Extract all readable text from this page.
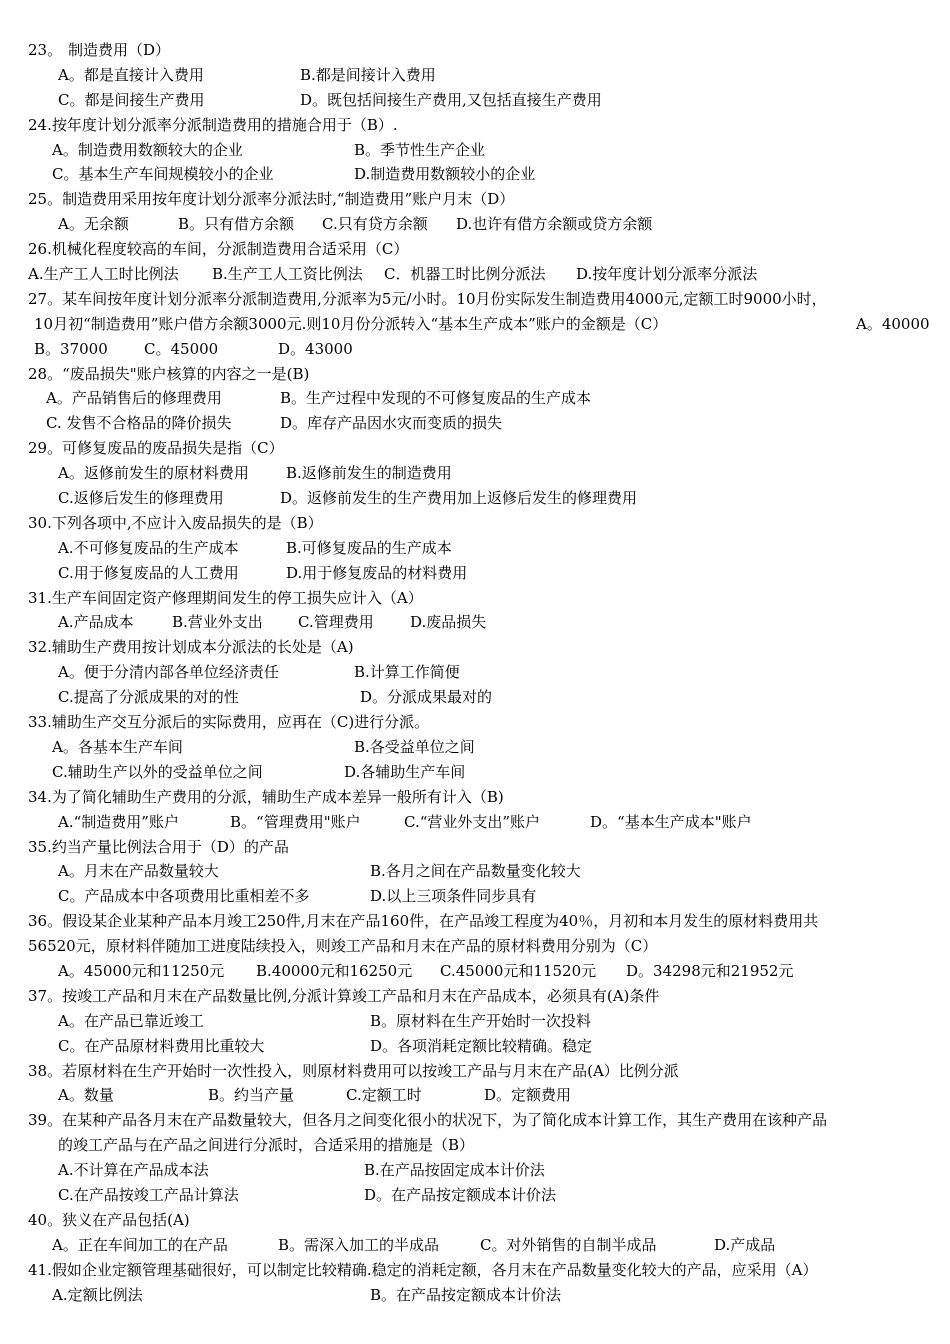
23。 制造费用（D）
A。都是直接计入费用	B.都是间接计入费用
C。都是间接生产费用	D。既包括间接生产费用,又包括直接生产费用
24.按年度计划分派率分派制造费用的措施合用于（B）.
A。制造费用数额较大的企业	B。季节性生产企业
C。基本生产车间规模较小的企业	D.制造费用数额较小的企业
25。制造费用采用按年度计划分派率分派法时,“制造费用”账户月末（D）
A。无余额	B。只有借方余额 C.只有贷方余额 D.也许有借方余额或贷方余额
26.机械化程度较高的车间，分派制造费用合适采用（C）
A.生产工人工时比例法 B.生产工人工资比例法 C．机器工时比例分派法 D.按年度计划分派率分派法
27。某车间按年度计划分派率分派制造费用,分派率为5元/小时。10月份实际发生制造费用4000元,定额工时9000小时，
10月初“制造费用”账户借方余额3000元.则10月份分派转入“基本生产成本”账户的金额是（C）	A。40000
B。37000 C。45000	D。43000
28。“废品损失"账户核算的内容之一是(B)
A。产品销售后的修理费用	B。生产过程中发现的不可修复废品的生产成本
C. 发售不合格品的降价损失	D。库存产品因水灾而变质的损失
29。可修复废品的废品损失是指（C）
A。返修前发生的原材料费用 B.返修前发生的制造费用
C.返修后发生的修理费用	D。返修前发生的生产费用加上返修后发生的修理费用
30.下列各项中,不应计入废品损失的是（B）
A.不可修复废品的生产成本	B.可修复废品的生产成本
C.用于修复废品的人工费用	D.用于修复废品的材料费用
31.生产车间固定资产修理期间发生的停工损失应计入（A）
A.产品成本	B.营业外支出 C.管理费用 D.废品损失
32.辅助生产费用按计划成本分派法的长处是（A)
A。便于分清内部各单位经济责任	B.计算工作简便
C.提高了分派成果的对的性	D。分派成果最对的
33.辅助生产交互分派后的实际费用，应再在（C)进行分派。
A。各基本生产车间	B.各受益单位之间
C.辅助生产以外的受益单位之间	D.各辅助生产车间
34.为了简化辅助生产费用的分派，辅助生产成本差异一般所有计入（B)
A.“制造费用”账户	B。“管理费用"账户	C.“营业外支出”账户	D。“基本生产成本"账户
35.约当产量比例法合用于（D）的产品
A。月末在产品数量较大	B.各月之间在产品数量变化较大
C。产品成本中各项费用比重相差不多	D.以上三项条件同步具有
36。假设某企业某种产品本月竣工250件,月末在产品160件，在产品竣工程度为40％，月初和本月发生的原材料费用共
56520元，原材料伴随加工进度陆续投入，则竣工产品和月末在产品的原材料费用分别为（C）
A。45000元和11250元 B.40000元和16250元 C.45000元和11520元 D。34298元和21952元
37。按竣工产品和月末在产品数量比例,分派计算竣工产品和月末在产品成本，必须具有(A)条件
A。在产品已靠近竣工	B。原材料在生产开始时一次投料
C。在产品原材料费用比重较大	D。各项消耗定额比较精确。稳定
38。若原材料在生产开始时一次性投入，则原材料费用可以按竣工产品与月末在产品(A）比例分派
A。数量	B。约当产量	C.定额工时	D。定额费用
39。在某种产品各月末在产品数量较大，但各月之间变化很小的状况下，为了简化成本计算工作，其生产费用在该种产品
的竣工产品与在产品之间进行分派时，合适采用的措施是（B）
A.不计算在产品成本法	B.在产品按固定成本计价法
C.在产品按竣工产品计算法	D。在产品按定额成本计价法
40。狭义在产品包括(A)
A。正在车间加工的在产品	B。需深入加工的半成品	C。对外销售的自制半成品	D.产成品
41.假如企业定额管理基础很好，可以制定比较精确.稳定的消耗定额，各月末在产品数量变化较大的产品，应采用（A）
A.定额比例法	B。在产品按定额成本计价法
